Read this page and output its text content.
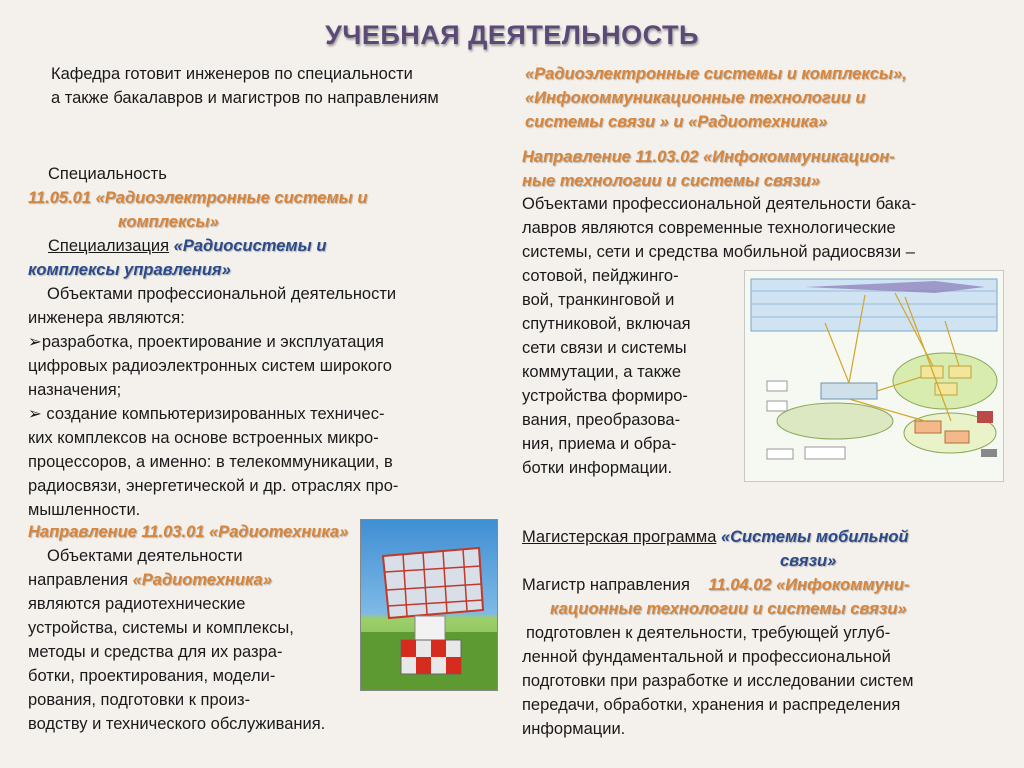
УЧЕБНАЯ ДЕЯТЕЛЬНОСТЬ
Кафедра готовит инженеров по специальности
а также бакалавров и магистров по направлениям
«Радиоэлектронные системы и комплексы»,
«Инфокоммуникационные технологии и
системы связи » и «Радиотехника»
Специальность
11.05.01 «Радиоэлектронные системы и
комплексы»
Специализация «Радиосистемы и
комплексы управления»
Объектами профессиональной деятельности
инженера являются:
➢разработка, проектирование и эксплуатация
цифровых радиоэлектронных систем широкого
назначения;
➢ создание компьютеризированных техничес-
ких комплексов на основе встроенных микро-
процессоров, а именно: в телекоммуникации, в
радиосвязи, энергетической и др. отраслях про-
мышленности.
Направление 11.03.01 «Радиотехника»
Объектами деятельности
направления «Радиотехника»
являются радиотехнические
устройства, системы и комплексы,
методы и средства для их разра-
ботки, проектирования, модели-
рования, подготовки к произ-
водству и технического обслуживания.
Направление 11.03.02 «Инфокоммуникацион-
ные технологии и системы связи»
Объектами профессиональной деятельности бака-
лавров являются современные технологические
системы, сети и средства мобильной радиосвязи –
сотовой, пейджинго-
вой, транкинговой и
спутниковой, включая
сети связи и системы
коммутации, а также
устройства формиро-
вания, преобразова-
ния, приема и обра-
ботки информации.
Магистерская программа «Системы мобильной
связи»
Магистр направления 11.04.02 «Инфокоммуни-
кационные технологии и системы связи»
подготовлен к деятельности, требующей углуб-
ленной фундаментальной и профессиональной
подготовки при разработке и исследовании систем
передачи, обработки, хранения и распределения
информации.
